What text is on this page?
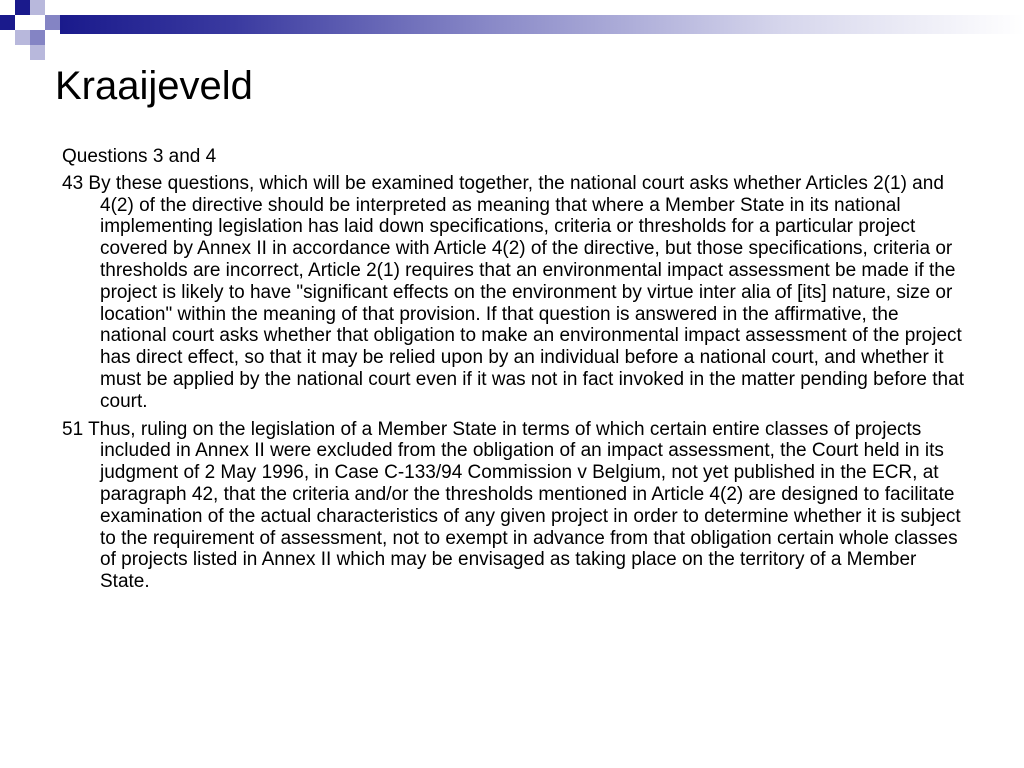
Kraaijeveld

Questions 3 and 4

43 By these questions, which will be examined together, the national court asks whether Articles 2(1) and 4(2) of the directive should be interpreted as meaning that where a Member State in its national implementing legislation has laid down specifications, criteria or thresholds for a particular project covered by Annex II in accordance with Article 4(2) of the directive, but those specifications, criteria or thresholds are incorrect, Article 2(1) requires that an environmental impact assessment be made if the project is likely to have "significant effects on the environment by virtue inter alia of [its] nature, size or location" within the meaning of that provision. If that question is answered in the affirmative, the national court asks whether that obligation to make an environmental impact assessment of the project has direct effect, so that it may be relied upon by an individual before a national court, and whether it must be applied by the national court even if it was not in fact invoked in the matter pending before that court.

51 Thus, ruling on the legislation of a Member State in terms of which certain entire classes of projects included in Annex II were excluded from the obligation of an impact assessment, the Court held in its judgment of 2 May 1996, in Case C-133/94 Commission v Belgium, not yet published in the ECR, at paragraph 42, that the criteria and/or the thresholds mentioned in Article 4(2) are designed to facilitate examination of the actual characteristics of any given project in order to determine whether it is subject to the requirement of assessment, not to exempt in advance from that obligation certain whole classes of projects listed in Annex II which may be envisaged as taking place on the territory of a Member State.
